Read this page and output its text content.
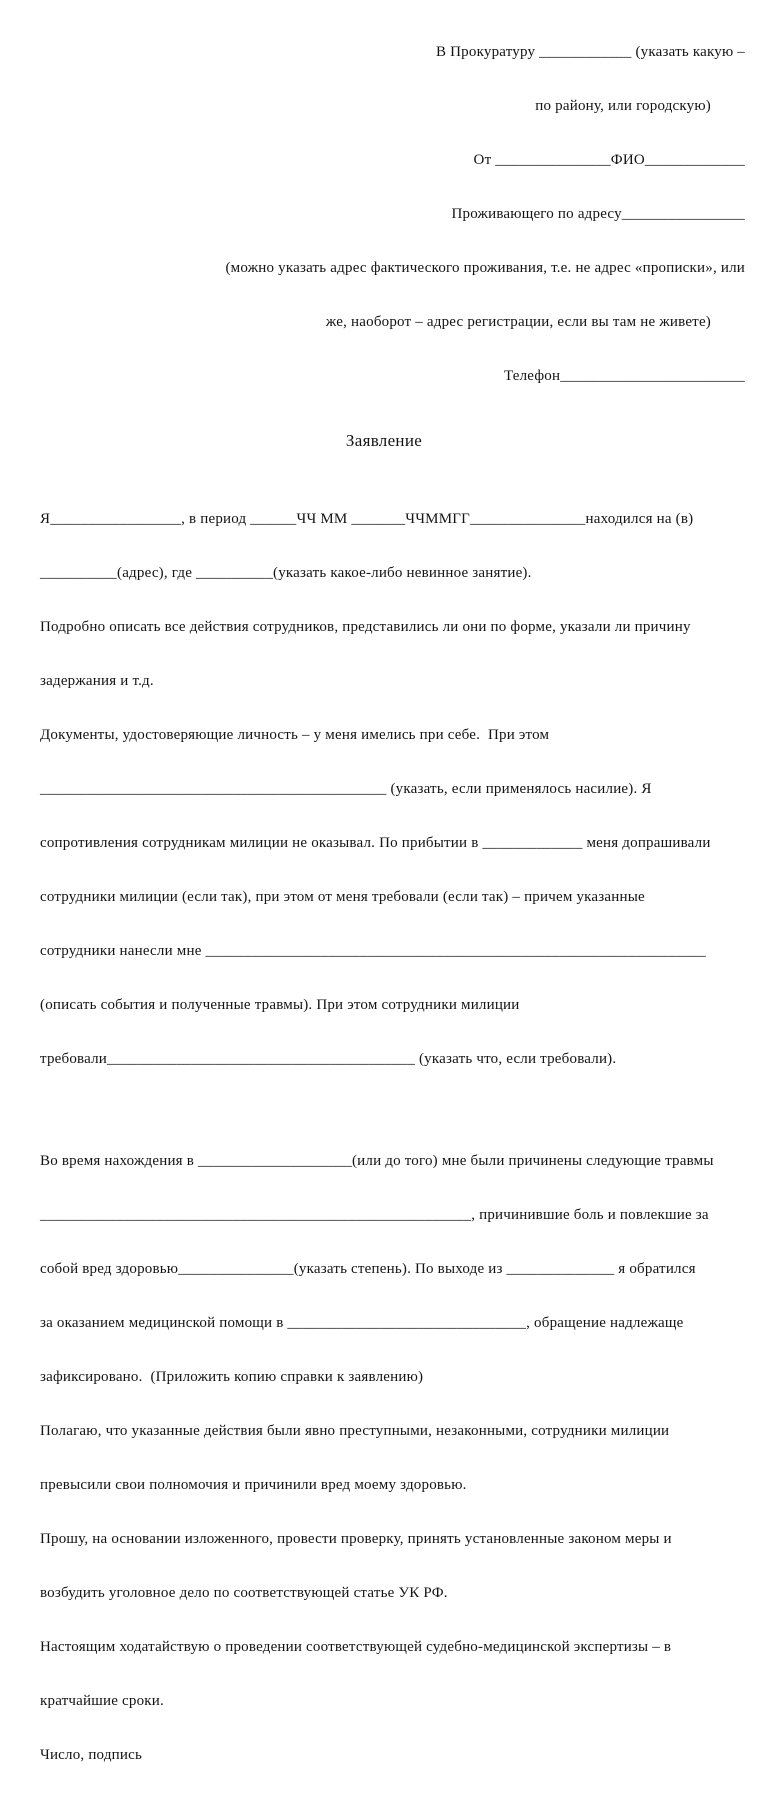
В Прокуратуру ____________ (указать какую –

по району, или городскую)

От _______________ФИО_____________

Проживающего по адресу________________

(можно указать адрес фактического проживания, т.е. не адрес «прописки», или

же, наоборот – адрес регистрации, если вы там не живете)

Телефон________________________

Заявление

Я_________________, в период ______ЧЧ ММ _______ЧЧММГГ_______________находился на (в)

__________(адрес), где __________(указать какое-либо невинное занятие).

Подробно описать все действия сотрудников, представились ли они по форме, указали ли причину

задержания и т.д.

Документы, удостоверяющие личность – у меня имелись при себе.  При этом

_____________________________________________ (указать, если применялось насилие). Я

сопротивления сотрудникам милиции не оказывал. По прибытии в _____________ меня допрашивали

сотрудники милиции (если так), при этом от меня требовали (если так) – причем указанные

сотрудники нанесли мне _________________________________________________________________

(описать события и полученные травмы). При этом сотрудники милиции

требовали________________________________________ (указать что, если требовали).

Во время нахождения в ____________________(или до того) мне были причинены следующие травмы

________________________________________________________, причинившие боль и повлекшие за

собой вред здоровью_______________(указать степень). По выходе из ______________ я обратился

за оказанием медицинской помощи в _______________________________, обращение надлежаще

зафиксировано.  (Приложить копию справки к заявлению)

Полагаю, что указанные действия были явно преступными, незаконными, сотрудники милиции

превысили свои полномочия и причинили вред моему здоровью.

Прошу, на основании изложенного, провести проверку, принять установленные законом меры и

возбудить уголовное дело по соответствующей статье УК РФ.

Настоящим ходатайствую о проведении соответствующей судебно-медицинской экспертизы – в

кратчайшие сроки.

Число, подпись
